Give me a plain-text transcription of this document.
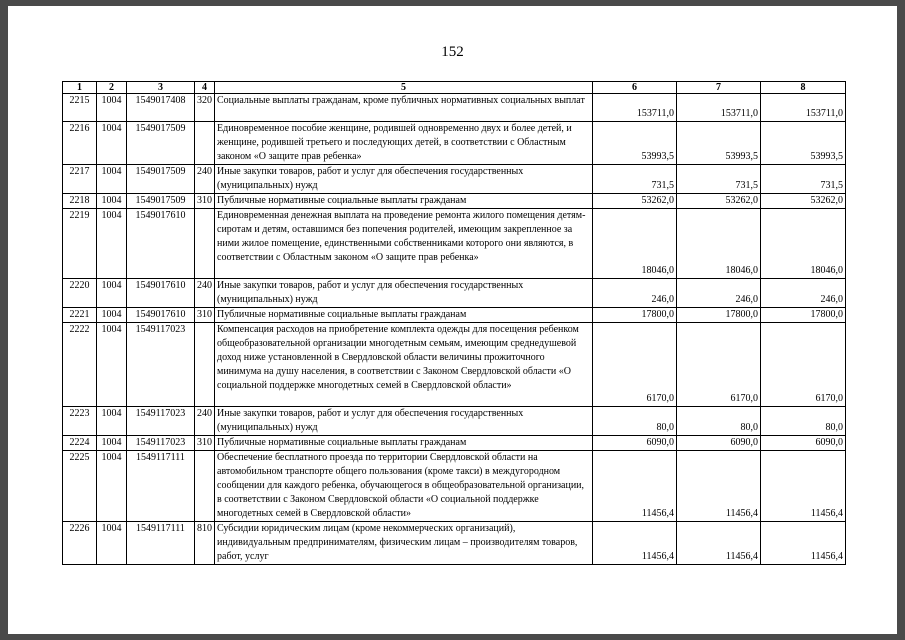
152
1	2	3	4	5	6	7	8
2215	1004	1549017408	320	Социальные выплаты гражданам, кроме публичных нормативных социальных выплат	153711,0	153711,0	153711,0
2216	1004	1549017509		Единовременное пособие женщине, родившей одновременно двух и более детей, и женщине, родившей третьего и последующих детей, в соответствии с Областным законом «О защите прав ребенка»	53993,5	53993,5	53993,5
2217	1004	1549017509	240	Иные закупки товаров, работ и услуг для обеспечения государственных (муниципальных) нужд	731,5	731,5	731,5
2218	1004	1549017509	310	Публичные нормативные социальные выплаты гражданам	53262,0	53262,0	53262,0
2219	1004	1549017610		Единовременная денежная выплата на проведение ремонта жилого помещения детям-сиротам и детям, оставшимся без попечения родителей, имеющим закрепленное за ними жилое помещение, единственными собственниками которого они являются, в соответствии с Областным законом «О защите прав ребенка»	18046,0	18046,0	18046,0
2220	1004	1549017610	240	Иные закупки товаров, работ и услуг для обеспечения государственных (муниципальных) нужд	246,0	246,0	246,0
2221	1004	1549017610	310	Публичные нормативные социальные выплаты гражданам	17800,0	17800,0	17800,0
2222	1004	1549117023		Компенсация расходов на приобретение комплекта одежды для посещения ребенком общеобразовательной организации многодетным семьям, имеющим среднедушевой доход ниже установленной в Свердловской области величины прожиточного минимума на душу населения, в соответствии с Законом Свердловской области «О социальной поддержке многодетных семей в Свердловской области»	6170,0	6170,0	6170,0
2223	1004	1549117023	240	Иные закупки товаров, работ и услуг для обеспечения государственных (муниципальных) нужд	80,0	80,0	80,0
2224	1004	1549117023	310	Публичные нормативные социальные выплаты гражданам	6090,0	6090,0	6090,0
2225	1004	1549117111		Обеспечение бесплатного проезда по территории Свердловской области на автомобильном транспорте общего пользования (кроме такси) в междугородном сообщении для каждого ребенка, обучающегося в общеобразовательной организации, в соответствии с Законом Свердловской области «О социальной поддержке многодетных семей в Свердловской области»	11456,4	11456,4	11456,4
2226	1004	1549117111	810	Субсидии юридическим лицам (кроме некоммерческих организаций), индивидуальным предпринимателям, физическим лицам – производителям товаров, работ, услуг	11456,4	11456,4	11456,4
